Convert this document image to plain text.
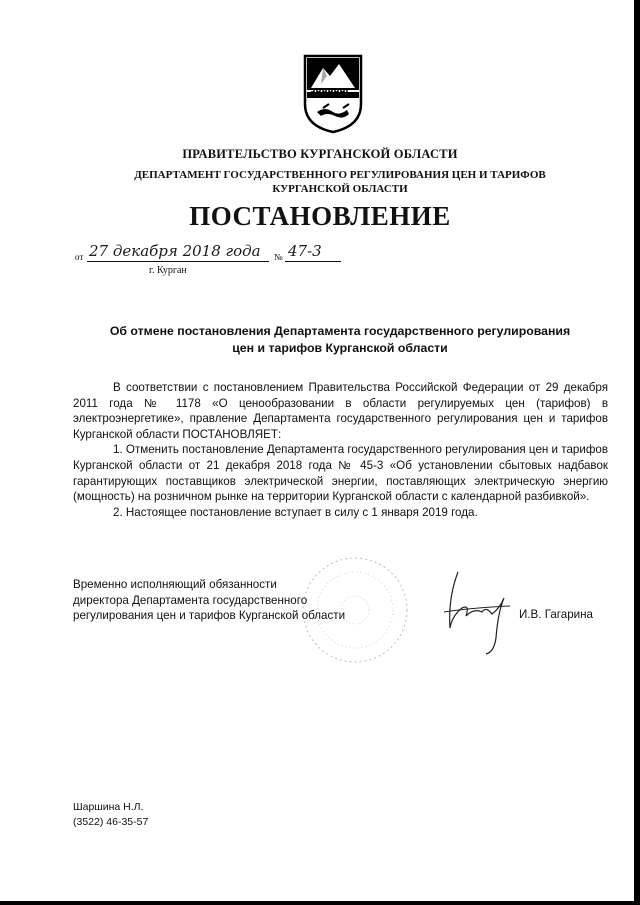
ПРАВИТЕЛЬСТВО КУРГАНСКОЙ ОБЛАСТИ
ДЕПАРТАМЕНТ ГОСУДАРСТВЕННОГО РЕГУЛИРОВАНИЯ ЦЕН И ТАРИФОВ
КУРГАНСКОЙ ОБЛАСТИ
ПОСТАНОВЛЕНИЕ
от 27 декабря 2018 года № 47-3
г. Курган
Об отмене постановления Департамента государственного регулирования
цен и тарифов Курганской области

В соответствии с постановлением Правительства Российской Федерации от 29 декабря 2011 года № 1178 «О ценообразовании в области регулируемых цен (тарифов) в электроэнергетике», правление Департамента государственного регулирования цен и тарифов Курганской области ПОСТАНОВЛЯЕТ:

1. Отменить постановление Департамента государственного регулирования цен и тарифов Курганской области от 21 декабря 2018 года № 45-3 «Об установлении сбытовых надбавок гарантирующих поставщиков электрической энергии, поставляющих электрическую энергию (мощность) на розничном рынке на территории Курганской области с календарной разбивкой».

2. Настоящее постановление вступает в силу с 1 января 2019 года.

Временно исполняющий обязанности
директора Департамента государственного
регулирования цен и тарифов Курганской области	И.В. Гагарина
Шаршина Н.Л.
(3522) 46-35-57
